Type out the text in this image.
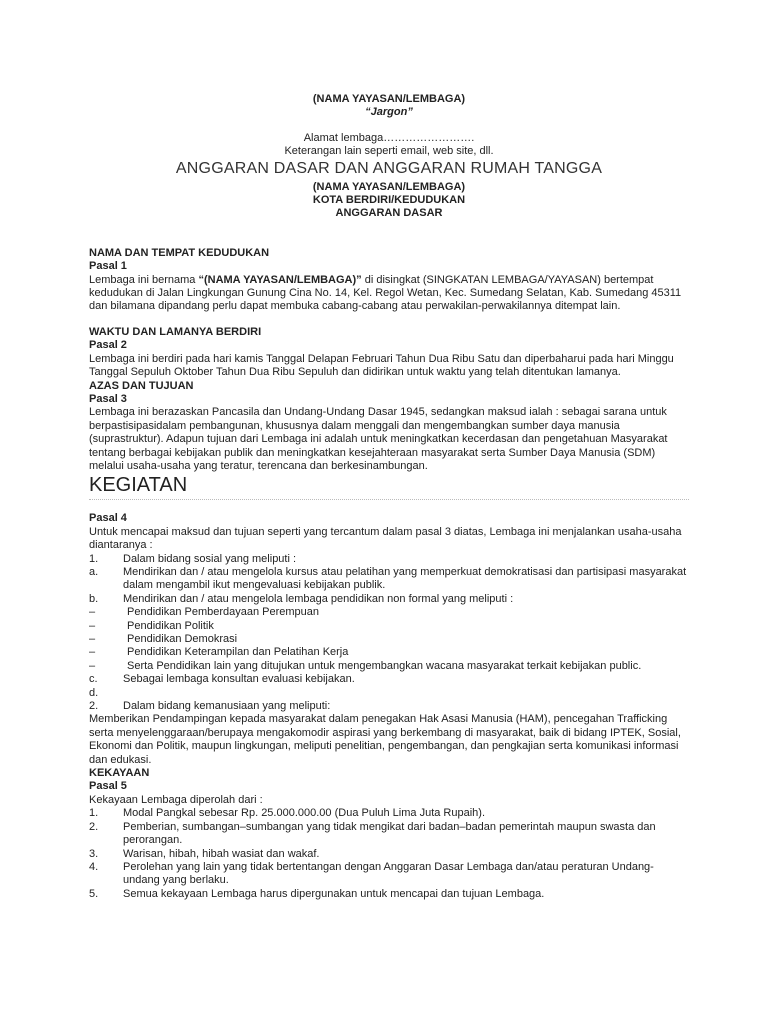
(NAMA YAYASAN/LEMBAGA)
“Jargon”
Alamat lembaga…………………….
Keterangan lain seperti email, web site, dll.
ANGGARAN DASAR DAN ANGGARAN RUMAH TANGGA
(NAMA YAYASAN/LEMBAGA)
KOTA BERDIRI/KEDUDUKAN
ANGGARAN DASAR
NAMA DAN TEMPAT KEDUDUKAN
Pasal 1

Lembaga ini bernama “(NAMA YAYASAN/LEMBAGA)” di disingkat (SINGKATAN LEMBAGA/YAYASAN) bertempat kedudukan di Jalan Lingkungan Gunung Cina No. 14, Kel. Regol Wetan, Kec. Sumedang Selatan, Kab. Sumedang 45311 dan bilamana dipandang perlu dapat membuka cabang-cabang atau perwakilan-perwakilannya ditempat lain.

WAKTU DAN LAMANYA BERDIRI
Pasal 2

Lembaga ini berdiri pada hari kamis Tanggal Delapan Februari Tahun Dua Ribu Satu dan diperbaharui pada hari Minggu Tanggal Sepuluh Oktober Tahun Dua Ribu Sepuluh dan didirikan untuk waktu yang telah ditentukan lamanya.

AZAS DAN TUJUAN
Pasal 3

Lembaga ini berazaskan Pancasila dan Undang-Undang Dasar 1945, sedangkan maksud ialah : sebagai sarana untuk berpastisipasidalam pembangunan, khususnya dalam menggali dan mengembangkan sumber daya manusia (suprastruktur). Adapun tujuan dari Lembaga ini adalah untuk meningkatkan kecerdasan dan pengetahuan Masyarakat tentang berbagai kebijakan publik dan meningkatkan kesejahteraan masyarakat serta Sumber Daya Manusia (SDM) melalui usaha-usaha yang teratur, terencana dan berkesinambungan.

KEGIATAN
Pasal 4

Untuk mencapai maksud dan tujuan seperti yang tercantum dalam pasal 3 diatas, Lembaga ini menjalankan usaha-usaha diantaranya :

1.	Dalam bidang sosial yang meliputi :
a.	Mendirikan dan / atau mengelola kursus atau pelatihan yang memperkuat demokratisasi dan partisipasi masyarakat dalam mengambil ikut mengevaluasi kebijakan publik.
b.	Mendirikan dan / atau mengelola lembaga pendidikan non formal yang meliputi :
–	Pendidikan Pemberdayaan Perempuan
–	Pendidikan Politik
–	Pendidikan Demokrasi
–	Pendidikan Keterampilan dan Pelatihan Kerja
–	Serta Pendidikan lain yang ditujukan untuk mengembangkan wacana masyarakat terkait kebijakan public.
c.	Sebagai lembaga konsultan evaluasi kebijakan.
d.
2.	Dalam bidang kemanusiaan yang meliputi:

Memberikan Pendampingan kepada masyarakat dalam penegakan Hak Asasi Manusia (HAM), pencegahan Trafficking serta menyelenggaraan/berupaya mengakomodir aspirasi yang berkembang di masyarakat, baik di bidang IPTEK, Sosial, Ekonomi dan Politik, maupun lingkungan, meliputi penelitian, pengembangan, dan pengkajian serta komunikasi informasi dan edukasi.

KEKAYAAN
Pasal 5

Kekayaan Lembaga diperolah dari :

1.	Modal Pangkal sebesar Rp. 25.000.000.00 (Dua Puluh Lima Juta Rupaih).
2.	Pemberian, sumbangan–sumbangan yang tidak mengikat dari badan–badan pemerintah maupun swasta dan perorangan.
3.	Warisan, hibah, hibah wasiat dan wakaf.
4.	Perolehan yang lain yang tidak bertentangan dengan Anggaran Dasar Lembaga dan/atau peraturan Undang-undang yang berlaku.
5.	Semua kekayaan Lembaga harus dipergunakan untuk mencapai dan tujuan Lembaga.
